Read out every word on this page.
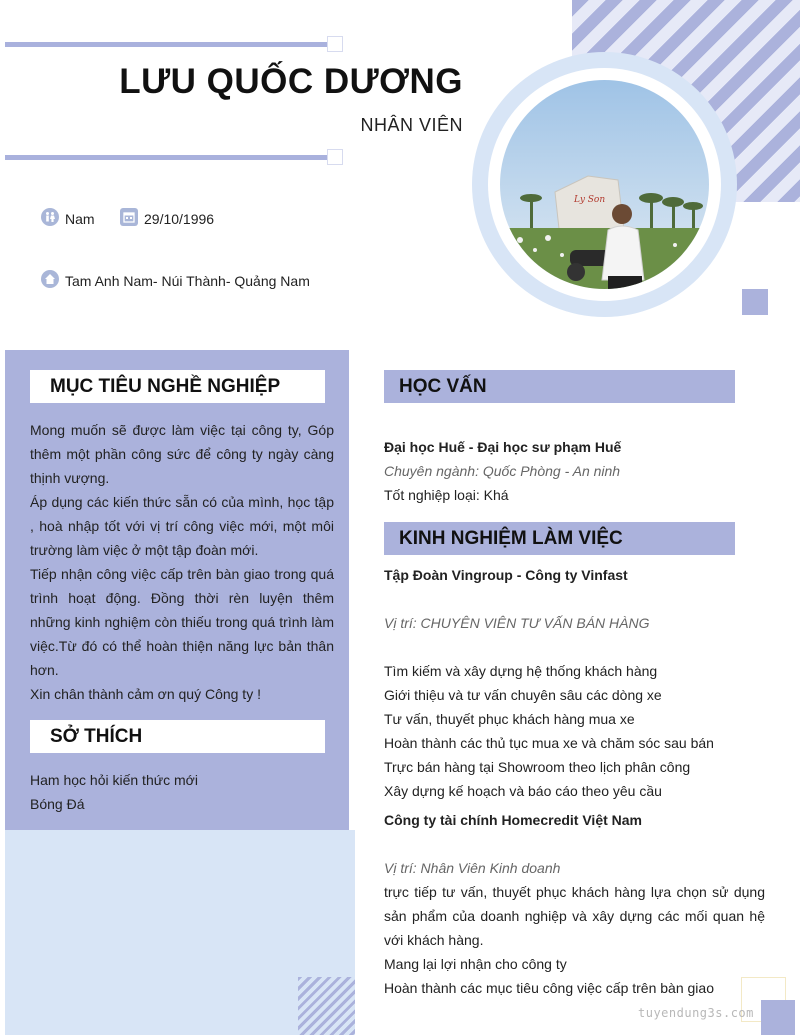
Ly Son
LƯU QUỐC DƯƠNG
NHÂN VIÊN
Nam	29/10/1996
Tam Anh Nam- Núi Thành- Quảng Nam
MỤC TIÊU NGHỀ NGHIỆP

Mong muốn sẽ được làm việc tại công ty, Góp thêm một phần công sức để công ty ngày càng thịnh vượng.

Áp dụng các kiến thức sẵn có của mình, học tập , hoà nhập tốt với vị trí công việc mới, một môi trường làm việc ở một tập đoàn mới.

Tiếp nhận công việc cấp trên bàn giao trong quá trình hoạt động. Đồng thời rèn luyện thêm những kinh nghiệm còn thiếu trong quá trình làm việc.Từ đó có thể hoàn thiện năng lực bản thân hơn.

Xin chân thành cảm ơn quý Công ty !

SỞ THÍCH

Ham học hỏi kiến thức mới

Bóng Đá

HỌC VẤN
Đại học Huế - Đại học sư phạm Huế
Chuyên ngành: Quốc Phòng - An ninh
Tốt nghiệp loại: Khá
KINH NGHIỆM LÀM VIỆC
Tập Đoàn Vingroup - Công ty Vinfast
Vị trí: CHUYÊN VIÊN TƯ VẤN BÁN HÀNG

Tìm kiếm và xây dựng hệ thống khách hàng

Giới thiệu và tư vấn chuyên sâu các dòng xe

Tư vấn, thuyết phục khách hàng mua xe

Hoàn thành các thủ tục mua xe và chăm sóc sau bán

Trực bán hàng tại Showroom theo lịch phân công

Xây dựng kế hoạch và báo cáo theo yêu cầu

Công ty tài chính Homecredit Việt Nam
Vị trí: Nhân Viên Kinh doanh

trực tiếp tư vấn, thuyết phục khách hàng lựa chọn sử dụng sản phẩm của doanh nghiệp và xây dựng các mối quan hệ với khách hàng.

Mang lại lợi nhận cho công ty

Hoàn thành các mục tiêu công việc cấp trên bàn giao

tuyendung3s.com
